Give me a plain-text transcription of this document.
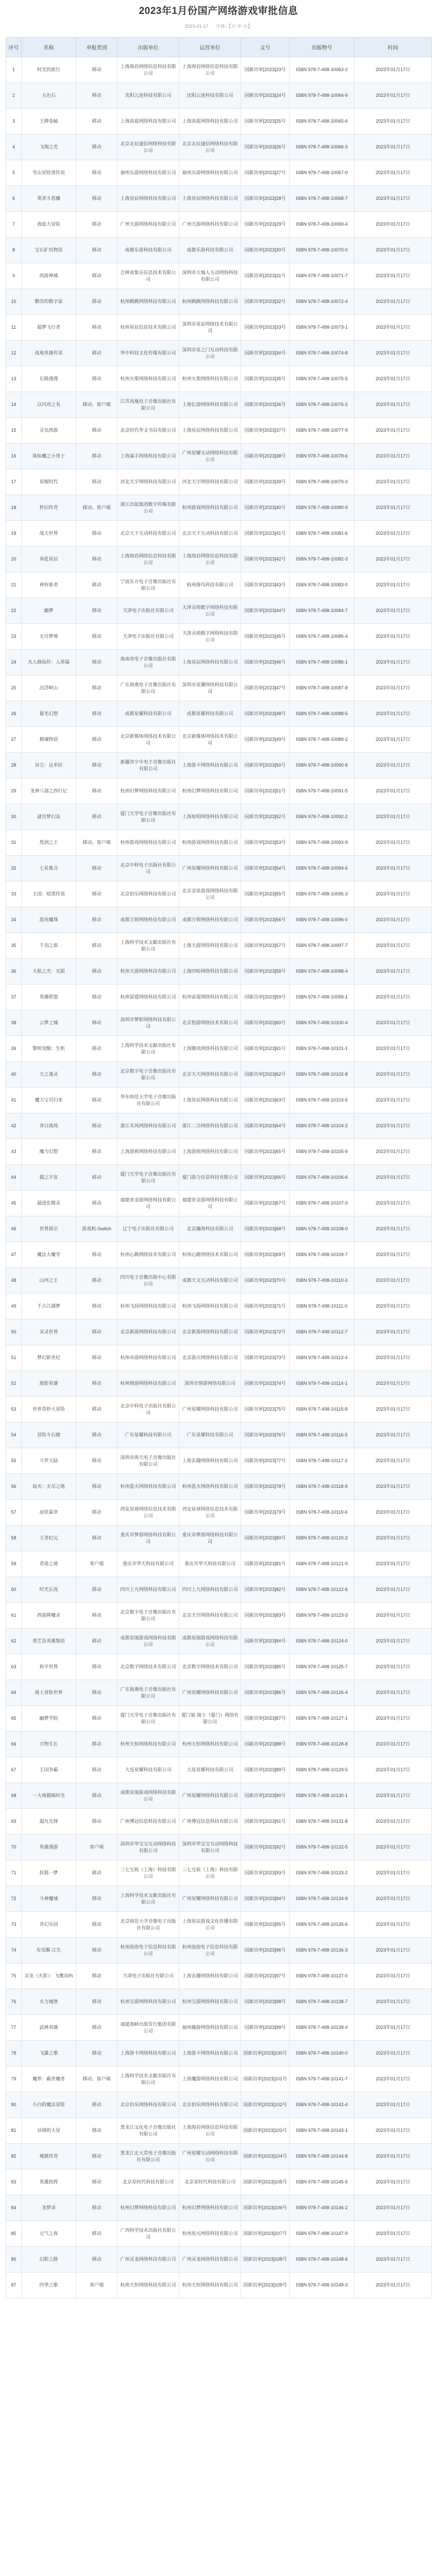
2023年1月份国产网络游戏审批信息
2023-01-17 字体:【大 中 小】
序号	名称	申报类别	出版单位	运营单位	文号	出版物号	时间
1	时光的旅行	移动	上海海岩网络信息科技有限公司	上海海岩网络信息科技有限公司	国新出审[2023]23号	ISBN 978-7-498-10063-2	2023年01月17日
2	五色石	移动	沈阳云迹科技有限公司	沈阳云迹科技有限公司	国新出审[2023]24号	ISBN 978-7-498-10064-9	2023年01月17日
3	王牌卷轴	移动	上海淡蓝网络科技有限公司	上海淡蓝网络科技有限公司	国新出审[2023]25号	ISBN 978-7-498-10065-6	2023年01月17日
4	飞翔之光	移动	北京北辰通信网络科技有限公司	北京北辰通信网络科技有限公司	国新出审[2023]26号	ISBN 978-7-498-10066-3	2023年01月17日
5	雪山冒险勇传说	移动	福州乐游网络科技有限公司	福州乐游网络科技有限公司	国新出审[2023]27号	ISBN 978-7-498-10067-0	2023年01月17日
6	勇者斗恶魔	移动	上海星辰网络科技有限公司	上海星辰网络科技有限公司	国新出审[2023]28号	ISBN 978-7-498-10068-7	2023年01月17日
7	海底大冒险	移动	广州天游网络科技有限公司	广州天游网络科技有限公司	国新出审[2023]29号	ISBN 978-7-498-10069-4	2023年01月17日
8	宝石矿坑物语	移动	成都乐游科技有限公司	成都乐游科技有限公司	国新出审[2023]30号	ISBN 978-7-498-10070-0	2023年01月17日
9	西游神域	移动	吉林省集乐信息技术有限公司	深圳市大城人互动网络科技有限公司	国新出审[2023]31号	ISBN 978-7-498-10071-7	2023年01月17日
10	勤劳的数字家	移动	杭州跳跳网络科技有限公司	杭州跳跳网络科技有限公司	国新出审[2023]32号	ISBN 978-7-498-10072-4	2023年01月17日
11	超梦飞行者	移动	杭州星辰信息技术有限公司	深圳市星辰网络技术有限公司	国新出审[2023]33号	ISBN 978-7-498-10073-1	2023年01月17日
12	战地英雄传说	移动	华中科技文化传媒有限公司	深圳市星之门互动科技有限公司	国新出审[2023]34号	ISBN 978-7-498-10074-8	2023年01月17日
13	长路漫漫	移动	杭州火柴网络科技有限公司	杭州火柴网络科技有限公司	国新出审[2023]35号	ISBN 978-7-498-10075-5	2023年01月17日
14	以闪亮之名	移动、客户端	江苏凤凰电子音像出版社有限公司	上海亿游网络科技有限公司	国新出审[2023]36号	ISBN 978-7-498-10076-2	2023年01月17日
15	灵気西游	移动	北京时代华文书局有限公司	上海星辰网络科技有限公司	国新出审[2023]37号	ISBN 978-7-498-10077-9	2023年01月17日
16	诛仙魔之小勇士	移动	上海嘉丰网络科技有限公司	广州星耀互动网络科技有限公司	国新出审[2023]38号	ISBN 978-7-498-10078-6	2023年01月17日
17	星舰时代	移动	河北天宇网络科技有限公司	河北天宇网络科技有限公司	国新出审[2023]39号	ISBN 978-7-498-10079-3	2023年01月17日
18	怀旧传奇	移动、客户端	浙江出版集团数字传媒有限公司	杭州游戏网络科技有限公司	国新出审[2023]40号	ISBN 978-7-498-10080-9	2023年01月17日
19	战天世界	移动	北京天下互动科技有限公司	北京天下互动科技有限公司	国新出审[2023]41号	ISBN 978-7-498-10081-6	2023年01月17日
20	奔赴星辰	移动	上海海岩网络信息科技有限公司	上海海岩网络信息科技有限公司	国新出审[2023]42号	ISBN 978-7-498-10082-3	2023年01月17日
21	神你谁者	移动	宁波东方电子音像出版社有限公司	杭州海鸟科技有限公司	国新出审[2023]43号	ISBN 978-7-498-10083-0	2023年01月17日
22	幽梦	移动	天津电子出版社有限公司	天津灵萌数字网络科技有限公司	国新出审[2023]44号	ISBN 978-7-498-10084-7	2023年01月17日
23	无尽梦境	移动	天津电子出版社有限公司	天津灵萌数字网络科技有限公司	国新出审[2023]45号	ISBN 978-7-498-10085-4	2023年01月17日
24	凡人修仙传：人界篇	移动	海南省电子音像出版社有限公司	上海星辰网络科技有限公司	国新出审[2023]46号	ISBN 978-7-498-10086-1	2023年01月17日
25	沉浮峡山	移动	广东海燕电子音像出版社有限公司	深圳市星耀网络科技有限公司	国新出审[2023]47号	ISBN 978-7-498-10087-8	2023年01月17日
26	暮光幻想	移动	成都星耀科技有限公司	成都星耀科技有限公司	国新出审[2023]48号	ISBN 978-7-498-10088-5	2023年01月17日
27	棋魂物语	移动	北京新媒体网络技术有限公司	北京新媒体网络技术有限公司	国新出审[2023]49号	ISBN 978-7-498-10089-2	2023年01月17日
28	异尘：达米拉	移动	新疆青少年电子音像出版社有限公司	上海游卡网络科技有限公司	国新出审[2023]50号	ISBN 978-7-498-10090-8	2023年01月17日
29	龙神八部之西行记	移动	杭州幻梦网络科技有限公司	杭州幻梦网络科技有限公司	国新出审[2023]51号	ISBN 978-7-498-10091-5	2023年01月17日
30	谜宫梦幻岛	移动	厦门天学电子音像出版社有限公司	上海炫明网络科技有限公司	国新出审[2023]52号	ISBN 978-7-498-10092-2	2023年01月17日
31	黑洞之王	移动、客户端	杭州游戏网络科技有限公司	杭州游戏网络科技有限公司	国新出审[2023]53号	ISBN 978-7-498-10093-9	2023年01月17日
32	七星集合	移动	北京中科电子出版社有限公司	广州星耀网络科技有限公司	国新出审[2023]54号	ISBN 978-7-498-10094-6	2023年01月17日
33	王国：暗黑传说	移动	北京伯乐网络科技有限公司	北京金星游戏网络科技有限公司	国新出审[2023]55号	ISBN 978-7-498-10095-3	2023年01月17日
34	混沌魔珠	移动	成都万娱网络科技有限公司	成都万娱网络科技有限公司	国新出审[2023]56号	ISBN 978-7-498-10096-0	2023年01月17日
35	千羽之旅	移动	上海科学技术文献出版社有限公司	上海天游网络科技有限公司	国新出审[2023]57号	ISBN 978-7-498-10097-7	2023年01月17日
36	大航之光：无限	移动	杭州天游网络科技有限公司	上海四哈网络科技有限公司	国新出审[2023]58号	ISBN 978-7-498-10098-4	2023年01月17日
37	英雄联盟	移动	杭州雷霆网络科技有限公司	杭州雷霆网络科技有限公司	国新出审[2023]59号	ISBN 978-7-498-10099-1	2023年01月17日
38	云梦之城	移动	深圳市梦影网络科技有限公司	北京悠游网络技术有限公司	国新出审[2023]60号	ISBN 978-7-498-10100-4	2023年01月17日
39	黎明觉醒：生机	移动	上海科学技术文献出版社有限公司	上海腾讯网络科技有限公司	国新出审[2023]61号	ISBN 978-7-498-10101-1	2023年01月17日
40	天之逸灵	移动	北京数字电子音像出版社有限公司	北京天天网络科技有限公司	国新出审[2023]62号	ISBN 978-7-498-10102-8	2023年01月17日
41	魔力宝贝归来	移动	华东师范大学电子音像出版社有限公司	上海星辰网络科技有限公司	国新出审[2023]63号	ISBN 978-7-498-10103-5	2023年01月17日
42	奔日战场	移动	浙江禾风网络科技有限公司	浙江二合网络科技有限公司	国新出审[2023]64号	ISBN 978-7-498-10104-2	2023年01月17日
43	魔力幻想	移动	上海游族网络科技有限公司	上海游族网络科技有限公司	国新出审[2023]65号	ISBN 978-7-498-10105-9	2023年01月17日
44	猫之宇宙	移动	厦门天学电子音像出版社有限公司	厦门游力信息科技有限公司	国新出审[2023]66号	ISBN 978-7-498-10106-6	2023年01月17日
45	超进化精灵	移动	福建省金游网络科技有限公司	福建省金游网络科技有限公司	国新出审[2023]67号	ISBN 978-7-498-10107-3	2023年01月17日
46	世界探引	游戏机-Switch	辽宁电子出版社有限公司	北京瀚海科技有限公司	国新出审[2023]68号	ISBN 978-7-498-10108-0	2023年01月17日
47	魔法大魔导	移动	杭州心跳网络技术有限公司	杭州心跳网络技术有限公司	国新出审[2023]69号	ISBN 978-7-498-10109-7	2023年01月17日
48	山河之王	移动	四川电子音像出版中心有限公司	成都天文互动科技有限公司	国新出审[2023]70号	ISBN 978-7-498-10110-3	2023年01月17日
49	千古江湖梦	移动	杭州飞扬网络科技有限公司	杭州飞扬网络科技有限公司	国新出审[2023]71号	ISBN 978-7-498-10111-0	2023年01月17日
50	灵灵世界	移动	北京新游网络科技有限公司	北京新游网络科技有限公司	国新出审[2023]72号	ISBN 978-7-498-10112-7	2023年01月17日
51	梦幻新世纪	移动	杭州卓游网络科技有限公司	北京游点网络科技有限公司	国新出审[2023]73号	ISBN 978-7-498-10113-4	2023年01月17日
52	海影英雄	移动	杭州情游网络科技有限公司	深圳市情游网络有限公司	国新出审[2023]74号	ISBN 978-7-498-10114-1	2023年01月17日
53	世界奇妙大冒险	移动	北京中科电子出版社有限公司	广州星耀网络科技有限公司	国新出审[2023]75号	ISBN 978-7-498-10115-8	2023年01月17日
54	冒险斗石塘	移动	广东星耀科技有限公司	广东星耀科技有限公司	国新出审[2023]76号	ISBN 978-7-498-10116-5	2023年01月17日
55	斗罗大陆	移动	深圳市海天电子音像出版社有限公司	上海玄趣网络科技有限公司	国新出审[2023]77号	ISBN 978-7-498-10117-2	2023年01月17日
56	寂灭：无尽之地	移动	杭州蓝火网络科技有限公司	杭州蓝火网络科技有限公司	国新出审[2023]78号	ISBN 978-7-498-10118-9	2023年01月17日
57	前妖篇章	移动	西安星球网络信息技术有限公司	西安星球网络信息技术有限公司	国新出审[2023]79号	ISBN 978-7-498-10119-6	2023年01月17日
58	王者纪元	移动	重庆市梦游网络科技有限公司	重庆市梦游网络科技有限公司	国新出审[2023]80号	ISBN 978-7-498-10120-2	2023年01月17日
59	奇迹之境	客户端	重庆市华天科技有限公司	重庆市华天科技有限公司	国新出审[2023]81号	ISBN 978-7-498-10121-9	2023年01月17日
60	时光长夜	移动	四川上九网络科技有限公司	四川上九网络科技有限公司	国新出审[2023]82号	ISBN 978-7-498-10122-6	2023年01月17日
61	西游降魔录	移动	北京数字电子音像出版社有限公司	北京天空网络科技有限公司	国新出审[2023]83号	ISBN 978-7-498-10123-3	2023年01月17日
62	勇艺岛英雄集结	移动	成都星图游戏网络科技有限公司	成都星图游戏网络科技有限公司	国新出审[2023]84号	ISBN 978-7-498-10124-0	2023年01月17日
63	和平世界	移动	北京数字网络技术有限公司	北京数字网络技术有限公司	国新出审[2023]85号	ISBN 978-7-498-10125-7	2023年01月17日
64	战士冒险世界	移动	广东海燕电子音像出版社有限公司	广州星耀网络科技有限公司	国新出审[2023]86号	ISBN 978-7-498-10126-4	2023年01月17日
65	幽梦学院	移动	厦门天学电子音像出版社有限公司	厦门旭·骑士（厦门）网络有限公司	国新出审[2023]87号	ISBN 978-7-498-10127-1	2023年01月17日
66	万物生长	移动	杭州天恒网络科技有限公司	杭州天恒网络科技有限公司	国新出审[2023]88号	ISBN 978-7-498-10128-8	2023年01月17日
67	王国争霸	移动	大连星耀科技有限公司	大连星耀科技有限公司	国新出审[2023]89号	ISBN 978-7-498-10129-5	2023年01月17日
68	一大堆猫咪时光	移动	成都星图游戏网络科技有限公司	广州星耀网络科技有限公司	国新出审[2023]90号	ISBN 978-7-498-10130-1	2023年01月17日
69	超凡先锋	移动	广州博冠信息科技有限公司	广州博冠信息科技有限公司	国新出审[2023]91号	ISBN 978-7-498-10131-8	2023年01月17日
70	英雄漫游	客户端	深圳市华宝宝互动网络科技有限公司	深圳市华宝宝互动网络科技有限公司	国新出审[2023]92号	ISBN 978-7-498-10132-5	2023年01月17日
71	妖狐一梦	移动	三七互娱（上海）科技有限公司	三七互娱（上海）科技有限公司	国新出审[2023]93号	ISBN 978-7-498-10133-2	2023年01月17日
72	斗神魔域	移动	上海科学技术文献出版社有限公司	广州星耀网络科技有限公司	国新出审[2023]94号	ISBN 978-7-498-10134-9	2023年01月17日
73	奇幻乐园	移动	北京师范大学音像电子出版社有限公司	上海星辰游戏文化传播有限公司	国新出审[2023]95号	ISBN 978-7-498-10135-6	2023年01月17日
74	有觉醒·江生	移动	杭州泡泡电子信息科技有限公司	杭州泡泡电子信息科技有限公司	国新出审[2023]96号	ISBN 978-7-498-10136-3	2023年01月17日
75	灵龙（火影）：飞鹰岛屿	移动	天津电子出版社有限公司	上海玄趣网络科技有限公司	国新出审[2023]97号	ISBN 978-7-498-10137-0	2023年01月17日
76	火力城堡	移动	杭州宝游网络科技有限公司	杭州宝游网络科技有限公司	国新出审[2023]98号	ISBN 978-7-498-10138-7	2023年01月17日
77	武林英雄	移动	福建海峡出版发行集团有限公司	福州趣游网络科技有限公司	国新出审[2023]99号	ISBN 978-7-498-10139-4	2023年01月17日
78	飞瀑之歌	移动	上海游卡网络科技有限公司	上海游卡网络科技有限公司	国新出审[2023]100号	ISBN 978-7-498-10140-0	2023年01月17日
79	魔界：霸世魔者	移动、客户端	上海科学技术文献出版社有限公司	上海魔游网络科技有限公司	国新出审[2023]101号	ISBN 978-7-498-10141-7	2023年01月17日
80	小白的魔法冒险	移动	北京伯乐网络科技有限公司	北京伯乐网络科技有限公司	国新出审[2023]102号	ISBN 978-7-498-10142-4	2023年01月17日
81	异境的大冒	移动	黑龙江文化电子音像出版社有限公司	上海海岩网络信息科技有限公司	国新出审[2023]103号	ISBN 978-7-498-10143-1	2023年01月17日
82	城镇传奇	移动	黑龙江北大荒电子音像出版社有限公司	广州星耀互动网络科技有限公司	国新出审[2023]104号	ISBN 978-7-498-10144-8	2023年01月17日
83	英雄指挥	移动	北京星时代科技有限公司	北京星时代科技有限公司	国新出审[2023]105号	ISBN 978-7-498-10145-5	2023年01月17日
84	龙梦录	移动	杭州幻梦网络科技有限公司	杭州幻梦网络科技有限公司	国新出审[2023]106号	ISBN 978-7-498-10146-2	2023年01月17日
85	元气之夜	移动	广西科学技术出版社有限公司	杭州星元网络科技有限公司	国新出审[2023]107号	ISBN 978-7-498-10147-9	2023年01月17日
86	幻影之路	移动	广州灵龙网络科技有限公司	广州灵龙网络科技有限公司	国新出审[2023]108号	ISBN 978-7-498-10148-6	2023年01月17日
87	四季之歌	客户端	杭州天恒网络科技有限公司	杭州天恒网络科技有限公司	国新出审[2023]109号	ISBN 978-7-498-10149-3	2023年01月17日
